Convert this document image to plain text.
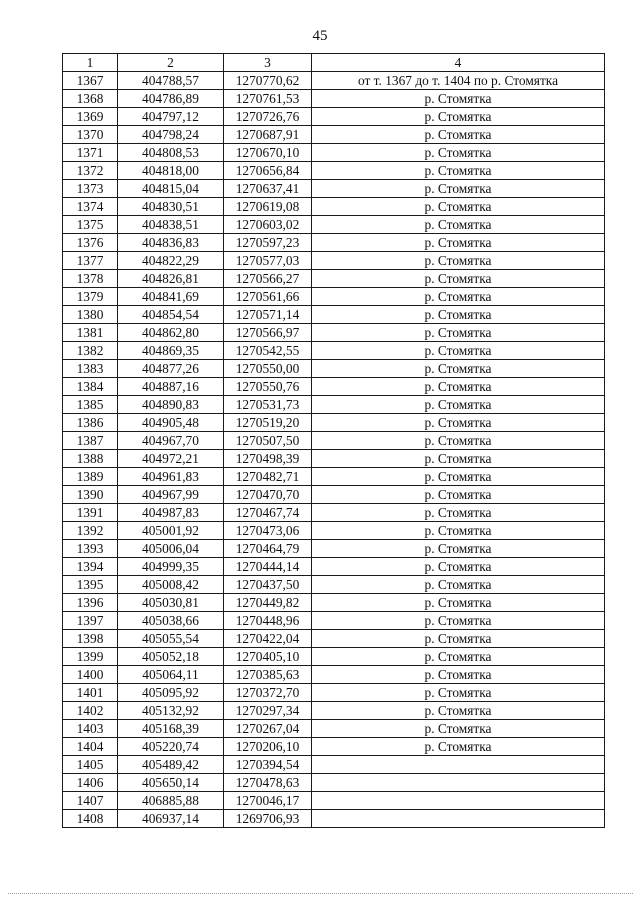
45
1	2	3	4
1367	404788,57	1270770,62	от т. 1367 до т. 1404 по р. Стомятка
1368	404786,89	1270761,53	р. Стомятка
1369	404797,12	1270726,76	р. Стомятка
1370	404798,24	1270687,91	р. Стомятка
1371	404808,53	1270670,10	р. Стомятка
1372	404818,00	1270656,84	р. Стомятка
1373	404815,04	1270637,41	р. Стомятка
1374	404830,51	1270619,08	р. Стомятка
1375	404838,51	1270603,02	р. Стомятка
1376	404836,83	1270597,23	р. Стомятка
1377	404822,29	1270577,03	р. Стомятка
1378	404826,81	1270566,27	р. Стомятка
1379	404841,69	1270561,66	р. Стомятка
1380	404854,54	1270571,14	р. Стомятка
1381	404862,80	1270566,97	р. Стомятка
1382	404869,35	1270542,55	р. Стомятка
1383	404877,26	1270550,00	р. Стомятка
1384	404887,16	1270550,76	р. Стомятка
1385	404890,83	1270531,73	р. Стомятка
1386	404905,48	1270519,20	р. Стомятка
1387	404967,70	1270507,50	р. Стомятка
1388	404972,21	1270498,39	р. Стомятка
1389	404961,83	1270482,71	р. Стомятка
1390	404967,99	1270470,70	р. Стомятка
1391	404987,83	1270467,74	р. Стомятка
1392	405001,92	1270473,06	р. Стомятка
1393	405006,04	1270464,79	р. Стомятка
1394	404999,35	1270444,14	р. Стомятка
1395	405008,42	1270437,50	р. Стомятка
1396	405030,81	1270449,82	р. Стомятка
1397	405038,66	1270448,96	р. Стомятка
1398	405055,54	1270422,04	р. Стомятка
1399	405052,18	1270405,10	р. Стомятка
1400	405064,11	1270385,63	р. Стомятка
1401	405095,92	1270372,70	р. Стомятка
1402	405132,92	1270297,34	р. Стомятка
1403	405168,39	1270267,04	р. Стомятка
1404	405220,74	1270206,10	р. Стомятка
1405	405489,42	1270394,54	
1406	405650,14	1270478,63	
1407	406885,88	1270046,17	
1408	406937,14	1269706,93	
